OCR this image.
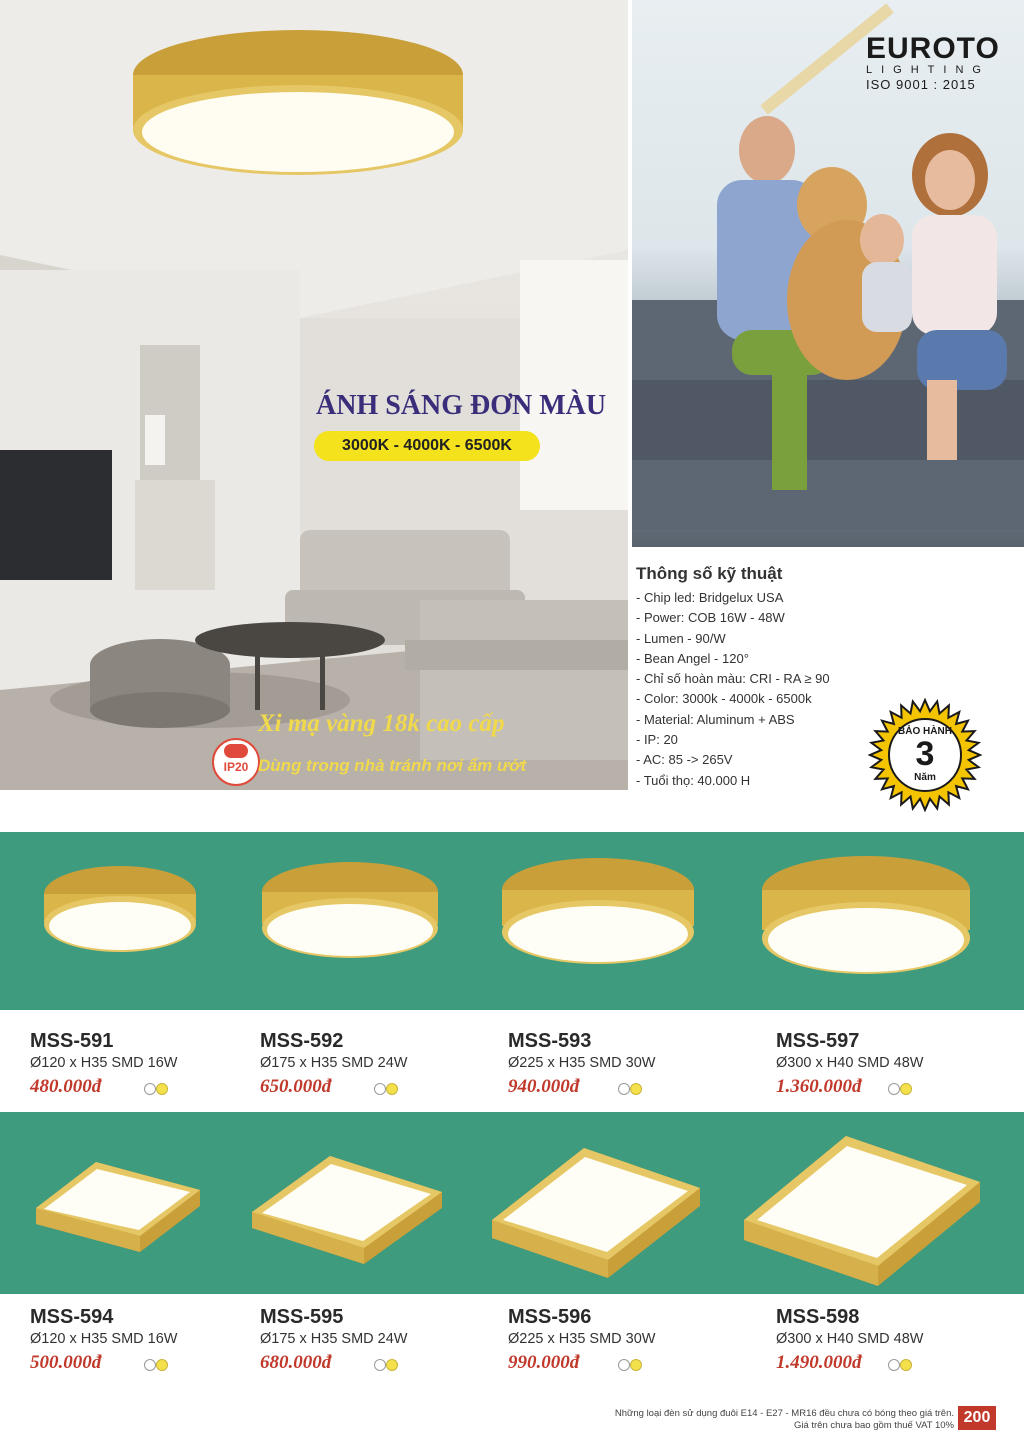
ÁNH SÁNG ĐƠN MÀU
3000K - 4000K - 6500K
Xi mạ vàng 18k cao cấp
IP20 Dùng trong nhà tránh nơi ẩm ướt
EUROTO
LIGHTING
ISO 9001 : 2015
Thông số kỹ thuật
- Chip led: Bridgelux USA
- Power: COB 16W - 48W
- Lumen - 90/W
- Bean Angel - 120°
- Chỉ số hoàn màu: CRI - RA ≥ 90
- Color: 3000k - 4000k - 6500k
- Material: Aluminum + ABS
- IP: 20
- AC: 85 -> 265V
- Tuổi thọ: 40.000 H
BẢO HÀNH
3
Năm
MSS-591
Ø120 x H35 SMD 16W
480.000đ
MSS-592
Ø175 x H35 SMD 24W
650.000đ
MSS-593
Ø225 x H35 SMD 30W
940.000đ
MSS-597
Ø300 x H40 SMD 48W
1.360.000đ
MSS-594
Ø120 x H35 SMD 16W
500.000đ
MSS-595
Ø175 x H35 SMD 24W
680.000đ
MSS-596
Ø225 x H35 SMD 30W
990.000đ
MSS-598
Ø300 x H40 SMD 48W
1.490.000đ
Những loại đèn sử dụng đuôi E14 - E27 - MR16 đều chưa có bóng theo giá trên.
Giá trên chưa bao gồm thuế VAT 10% 200
